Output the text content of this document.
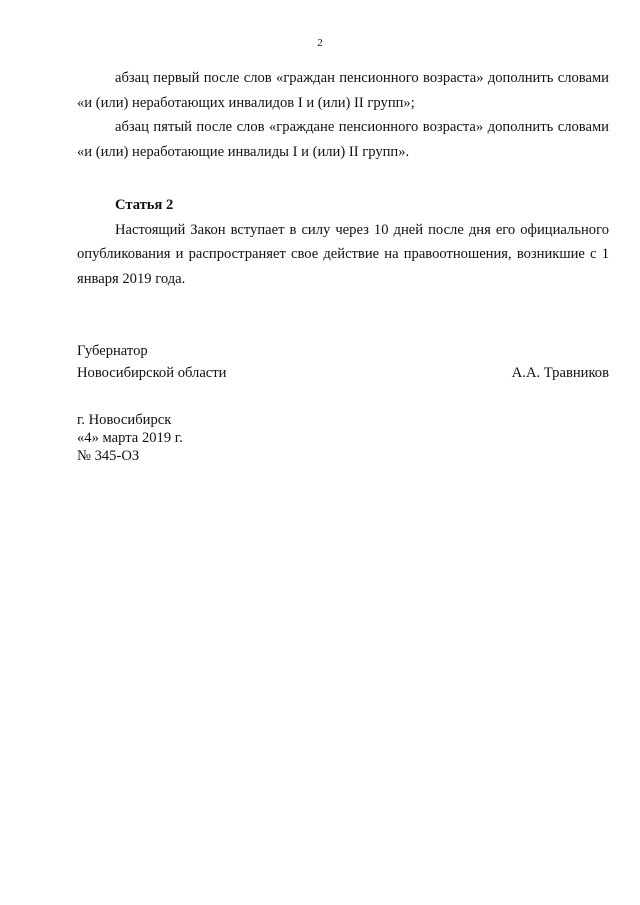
2

абзац первый после слов «граждан пенсионного возраста» дополнить словами «и (или) неработающих инвалидов I и (или) II групп»;

абзац пятый после слов «граждане пенсионного возраста» дополнить словами «и (или) неработающие инвалиды I и (или) II групп».

Статья 2

Настоящий Закон вступает в силу через 10 дней после дня его официального опубликования и распространяет свое действие на правоотношения, возникшие с 1 января 2019 года.

Губернатор
Новосибирской области	А.А. Травников
г. Новосибирск
«4» марта 2019 г.
№ 345-ОЗ
